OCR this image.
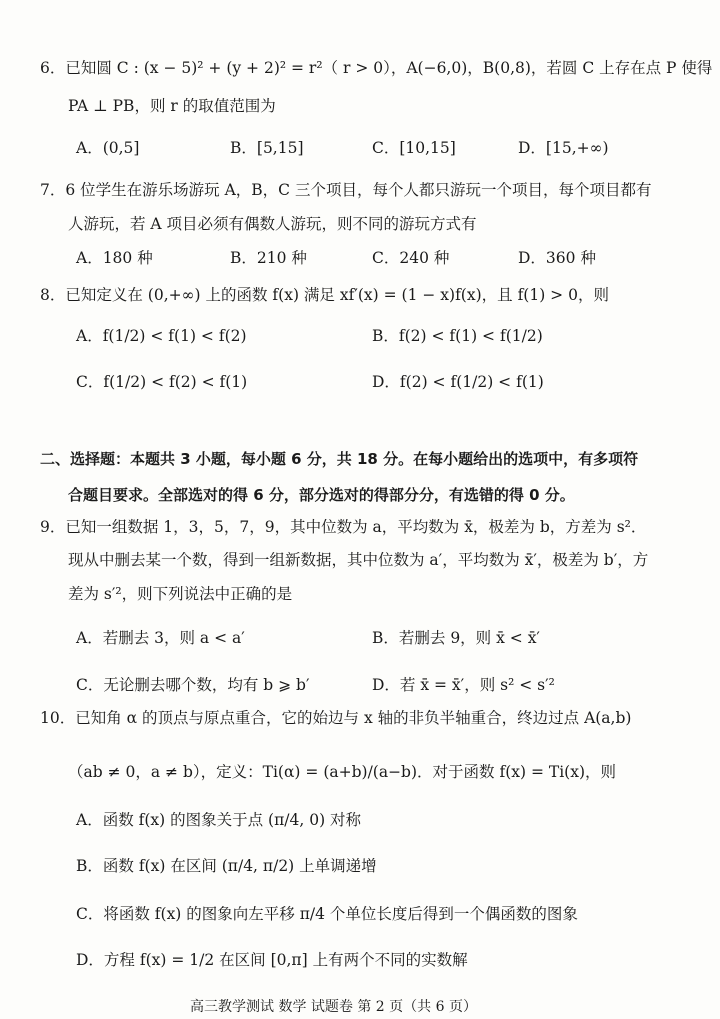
6．已知圆 C : (x − 5)² + (y + 2)² = r²（ r > 0），A(−6,0)，B(0,8)，若圆 C 上存在点 P 使得
PA ⊥ PB，则 r 的取值范围为
A．(0,5]	B．[5,15]	C．[10,15]	D．[15,+∞)
7．6 位学生在游乐场游玩 A，B，C 三个项目，每个人都只游玩一个项目，每个项目都有
人游玩，若 A 项目必须有偶数人游玩，则不同的游玩方式有
A．180 种	B．210 种	C．240 种	D．360 种
8．已知定义在 (0,+∞) 上的函数 f(x) 满足 xf′(x) = (1 − x)f(x)，且 f(1) > 0，则
A．f(1/2) < f(1) < f(2)	B．f(2) < f(1) < f(1/2)
C．f(1/2) < f(2) < f(1)	D．f(2) < f(1/2) < f(1)
二、选择题：本题共 3 小题，每小题 6 分，共 18 分。在每小题给出的选项中，有多项符
合题目要求。全部选对的得 6 分，部分选对的得部分分，有选错的得 0 分。
9．已知一组数据 1，3，5，7，9，其中位数为 a，平均数为 x̄，极差为 b，方差为 s²．
现从中删去某一个数，得到一组新数据，其中位数为 a′，平均数为 x̄′，极差为 b′，方
差为 s′²，则下列说法中正确的是
A．若删去 3，则 a < a′	B．若删去 9，则 x̄ < x̄′
C．无论删去哪个数，均有 b ⩾ b′	D．若 x̄ = x̄′，则 s² < s′²
10．已知角 α 的顶点与原点重合，它的始边与 x 轴的非负半轴重合，终边过点 A(a,b)
（ab ≠ 0，a ≠ b），定义：Ti(α) = (a+b)/(a−b)．对于函数 f(x) = Ti(x)，则
A．函数 f(x) 的图象关于点 (π/4, 0) 对称
B．函数 f(x) 在区间 (π/4, π/2) 上单调递增
C．将函数 f(x) 的图象向左平移 π/4 个单位长度后得到一个偶函数的图象
D．方程 f(x) = 1/2 在区间 [0,π] 上有两个不同的实数解
高三教学测试 数学 试题卷 第 2 页（共 6 页）
